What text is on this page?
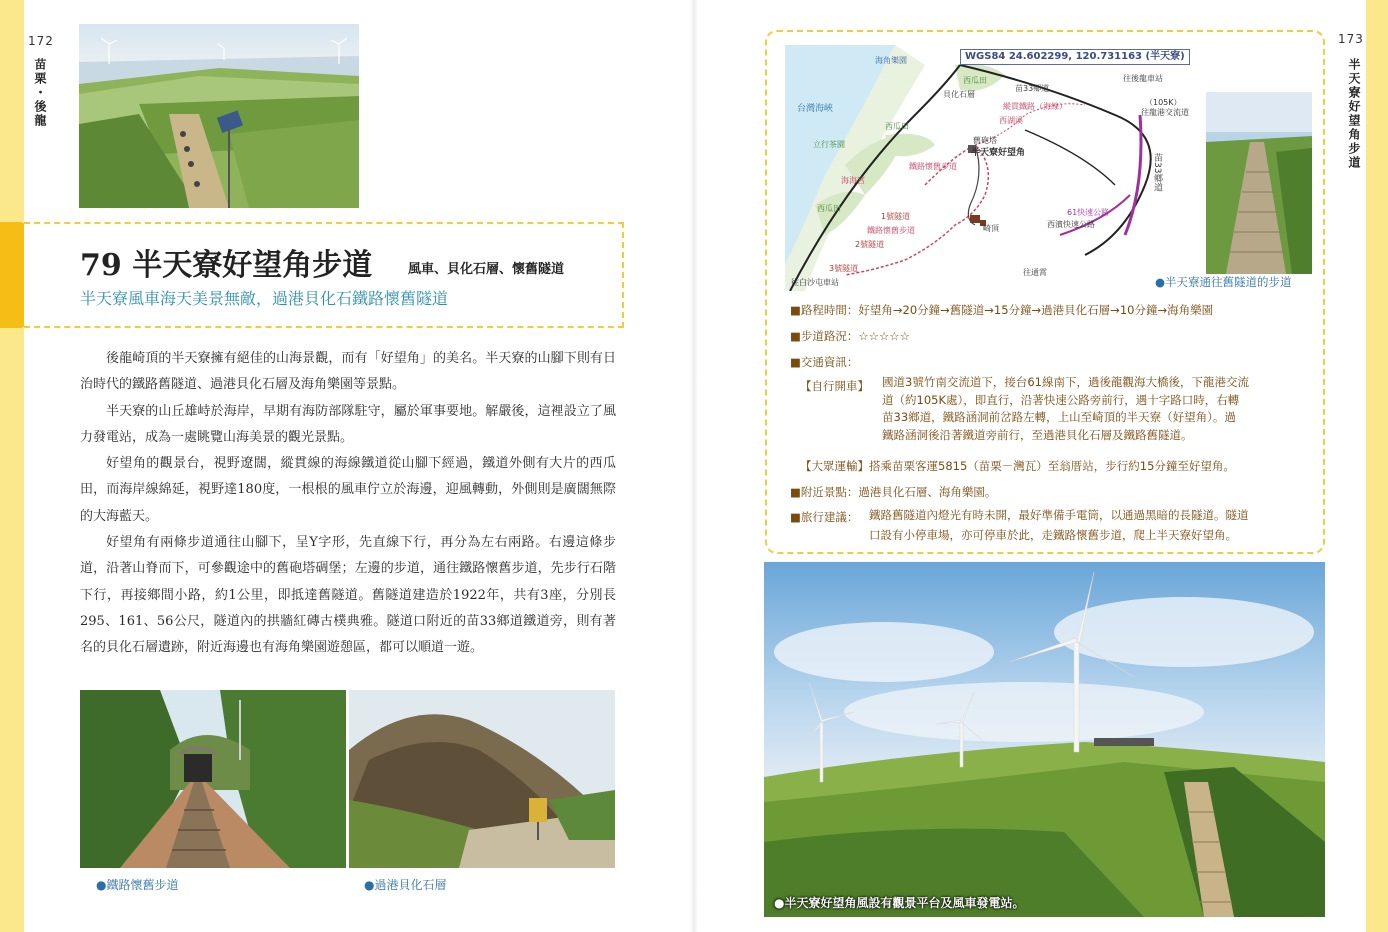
172
苗栗・後龍
79 半天寮好望角步道	風車、貝化石層、懷舊隧道
半天寮風車海天美景無敵，過港貝化石鐵路懷舊隧道

後龍崎頂的半天寮擁有絕佳的山海景觀，而有「好望角」的美名。半天寮的山腳下則有日治時代的鐵路舊隧道、過港貝化石層及海角樂園等景點。

半天寮的山丘雄峙於海岸，早期有海防部隊駐守，屬於軍事要地。解嚴後，這裡設立了風力發電站，成為一處眺覽山海美景的觀光景點。

好望角的觀景台，視野遼闊，縱貫線的海線鐵道從山腳下經過，鐵道外側有大片的西瓜田，而海岸線綿延，視野達180度，一根根的風車佇立於海邊，迎風轉動，外側則是廣闊無際的大海藍天。

好望角有兩條步道通往山腳下，呈Y字形，先直線下行，再分為左右兩路。右邊這條步道，沿著山脊而下，可參觀途中的舊砲塔碉堡；左邊的步道，通往鐵路懷舊步道，先步行石階下行，再接鄉間小路，約1公里，即抵達舊隧道。舊隧道建造於1922年，共有3座，分別長295、161、56公尺，隧道內的拱牆紅磚古樸典雅。隧道口附近的苗33鄉道鐵道旁，則有著名的貝化石層遺跡，附近海邊也有海角樂園遊憩區，都可以順道一遊。

●鐵路懷舊步道	●過港貝化石層
173
半天寮好望角步道
海角樂園
台灣海峽
西瓜田
貝化石層
苗33鄉道
縱貫鐵路（海線）
西湖溪
西瓜田
立行茶園	舊砲塔
半天寮好望角
鐵路懷舊步道
海海宮
西瓜田
1號隧道
鐵路懷舊步道
2號隧道
3號隧道
崎頂
61快速公路
西濱快速公路
往後龍車站
（105K）
往龍港交流道
苗33鄉道
往通霄
往白沙屯車站
WGS84 24.602299, 120.731163 (半天寮)
●半天寮通往舊隧道的步道
■路程時間：好望角→20分鐘→舊隧道→15分鐘→過港貝化石層→10分鐘→海角樂園
■步道路況：☆☆☆☆☆
■交通資訊：
【自行開車】 國道3號竹南交流道下，接台61線南下，過後龍觀海大橋後，下龍港交流
道（約105K處），即直行，沿著快速公路旁前行，遇十字路口時，右轉
苗33鄉道，鐵路涵洞前岔路左轉，上山至崎頂的半天寮（好望角）。過
鐵路涵洞後沿著鐵道旁前行，至過港貝化石層及鐵路舊隧道。
【大眾運輸】搭乘苗栗客運5815（苗栗－灣瓦）至翁厝站，步行約15分鐘至好望角。
■附近景點：過港貝化石層、海角樂園。
■旅行建議： 鐵路舊隧道內燈光有時未開，最好準備手電筒，以通過黑暗的長隧道。隧道
口設有小停車場，亦可停車於此，走鐵路懷舊步道，爬上半天寮好望角。
●半天寮好望角風設有觀景平台及風車發電站。
